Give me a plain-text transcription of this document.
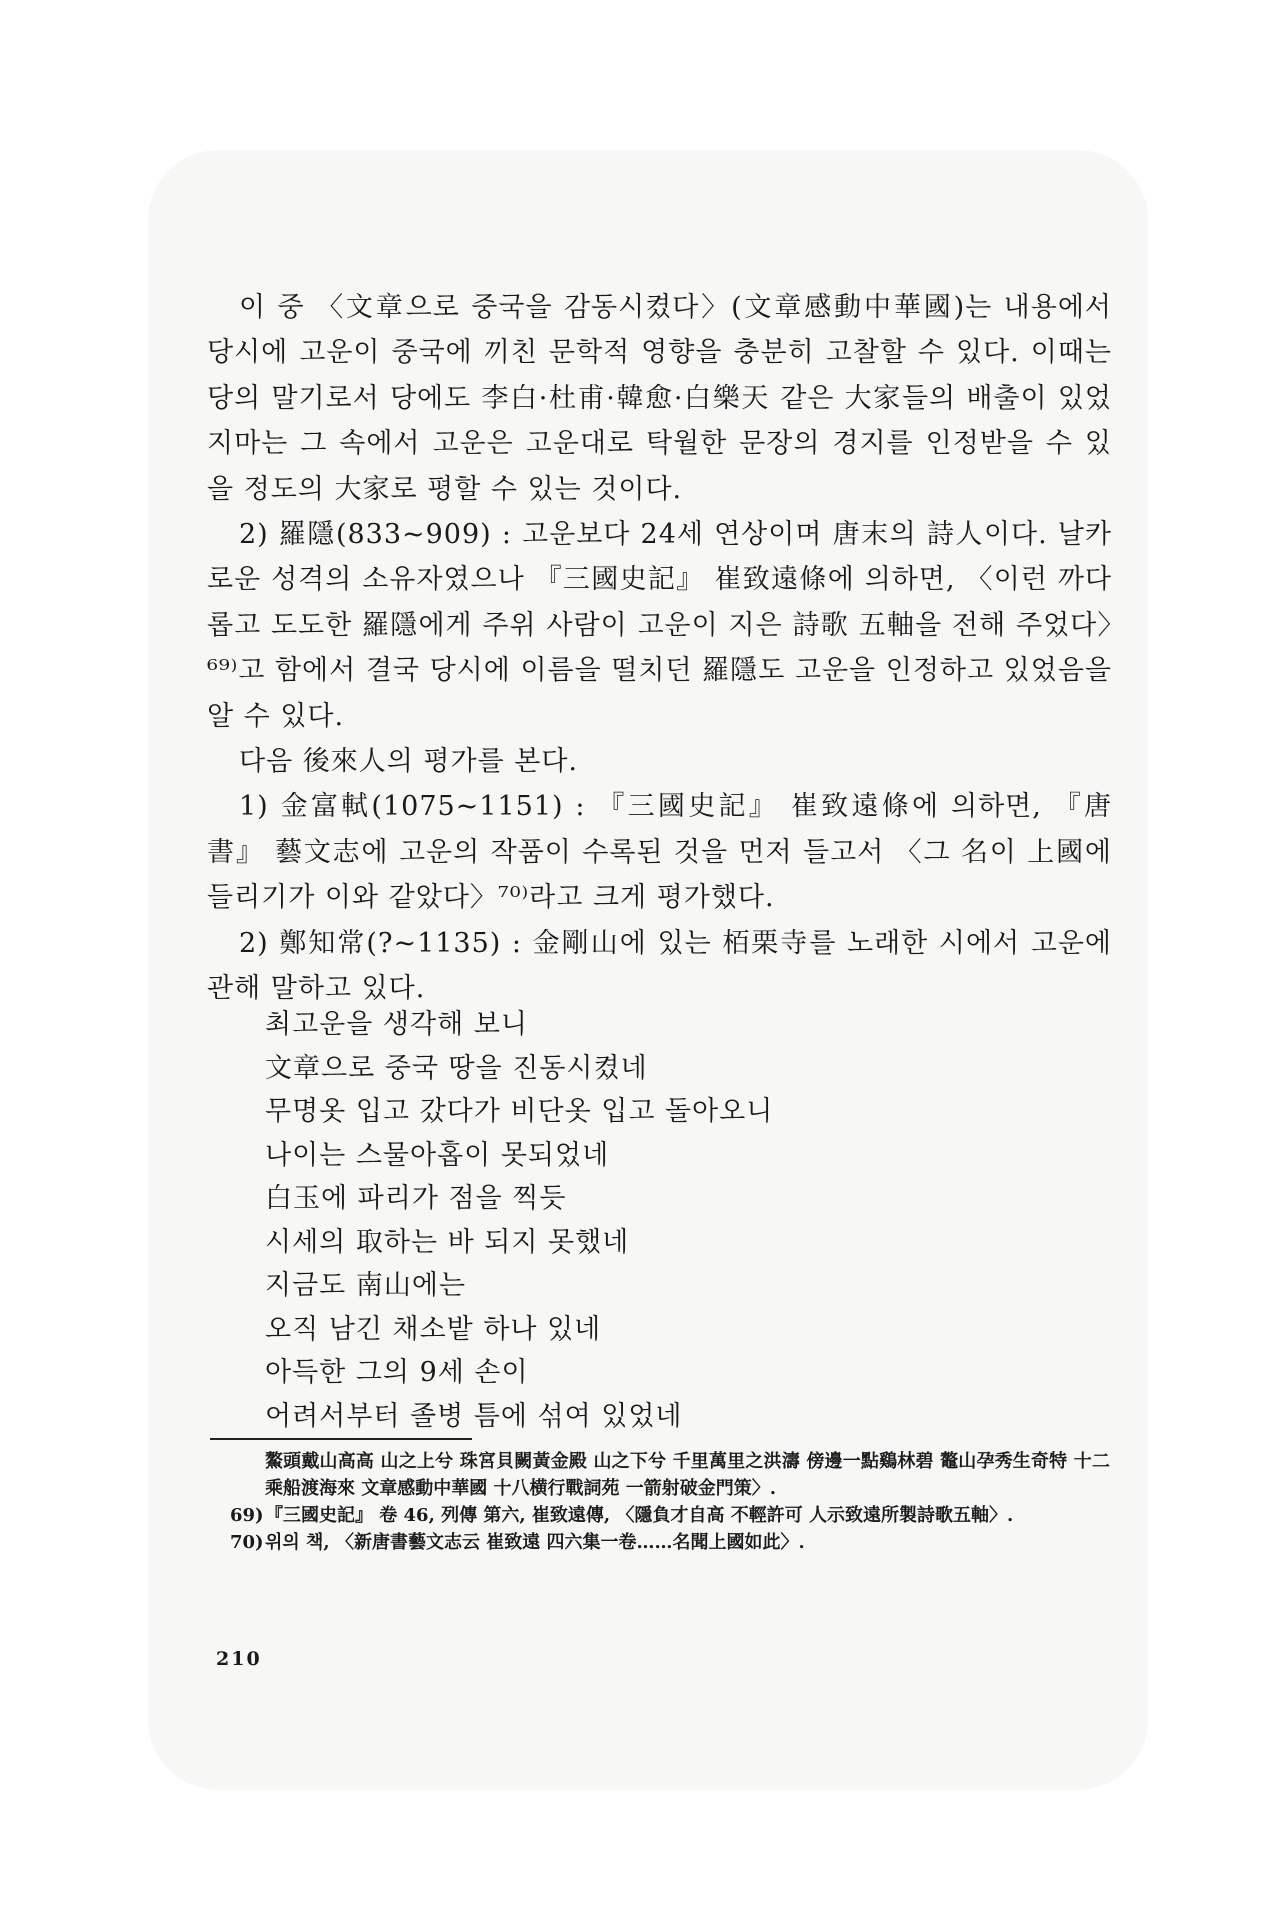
이 중 〈文章으로 중국을 감동시켰다〉(文章感動中華國)는 내용에서 당시에 고운이 중국에 끼친 문학적 영향을 충분히 고찰할 수 있다. 이때는 당의 말기로서 당에도 李白·杜甫·韓愈·白樂天 같은 大家들의 배출이 있었지마는 그 속에서 고운은 고운대로 탁월한 문장의 경지를 인정받을 수 있을 정도의 大家로 평할 수 있는 것이다.

2) 羅隱(833~909) : 고운보다 24세 연상이며 唐末의 詩人이다. 날카로운 성격의 소유자였으나 『三國史記』 崔致遠條에 의하면, 〈이런 까다롭고 도도한 羅隱에게 주위 사람이 고운이 지은 詩歌 五軸을 전해 주었다〉⁶⁹⁾고 함에서 결국 당시에 이름을 떨치던 羅隱도 고운을 인정하고 있었음을 알 수 있다.

다음 後來人의 평가를 본다.

1) 金富軾(1075~1151) : 『三國史記』 崔致遠條에 의하면, 『唐書』 藝文志에 고운의 작품이 수록된 것을 먼저 들고서 〈그 名이 上國에 들리기가 이와 같았다〉⁷⁰⁾라고 크게 평가했다.

2) 鄭知常(?~1135) : 金剛山에 있는 栢栗寺를 노래한 시에서 고운에 관해 말하고 있다.

최고운을 생각해 보니
文章으로 중국 땅을 진동시켰네
무명옷 입고 갔다가 비단옷 입고 돌아오니
나이는 스물아홉이 못되었네
白玉에 파리가 점을 찍듯
시세의 取하는 바 되지 못했네
지금도 南山에는
오직 남긴 채소밭 하나 있네
아득한 그의 9세 손이
어려서부터 졸병 틈에 섞여 있었네
鰲頭戴山高高 山之上兮 珠宮貝闕黃金殿 山之下兮 千里萬里之洪濤 傍邊一點鷄林碧 鼇山孕秀生奇特 十二乘船渡海來 文章感動中華國 十八横行戰詞苑 一箭射破金門策〉.
69) 『三國史記』 卷 46, 列傳 第六, 崔致遠傳, 〈隱負才自高 不輕許可 人示致遠所製詩歌五軸〉.
70) 위의 책, 〈新唐書藝文志云 崔致遠 四六集一卷……名聞上國如此〉.
210
